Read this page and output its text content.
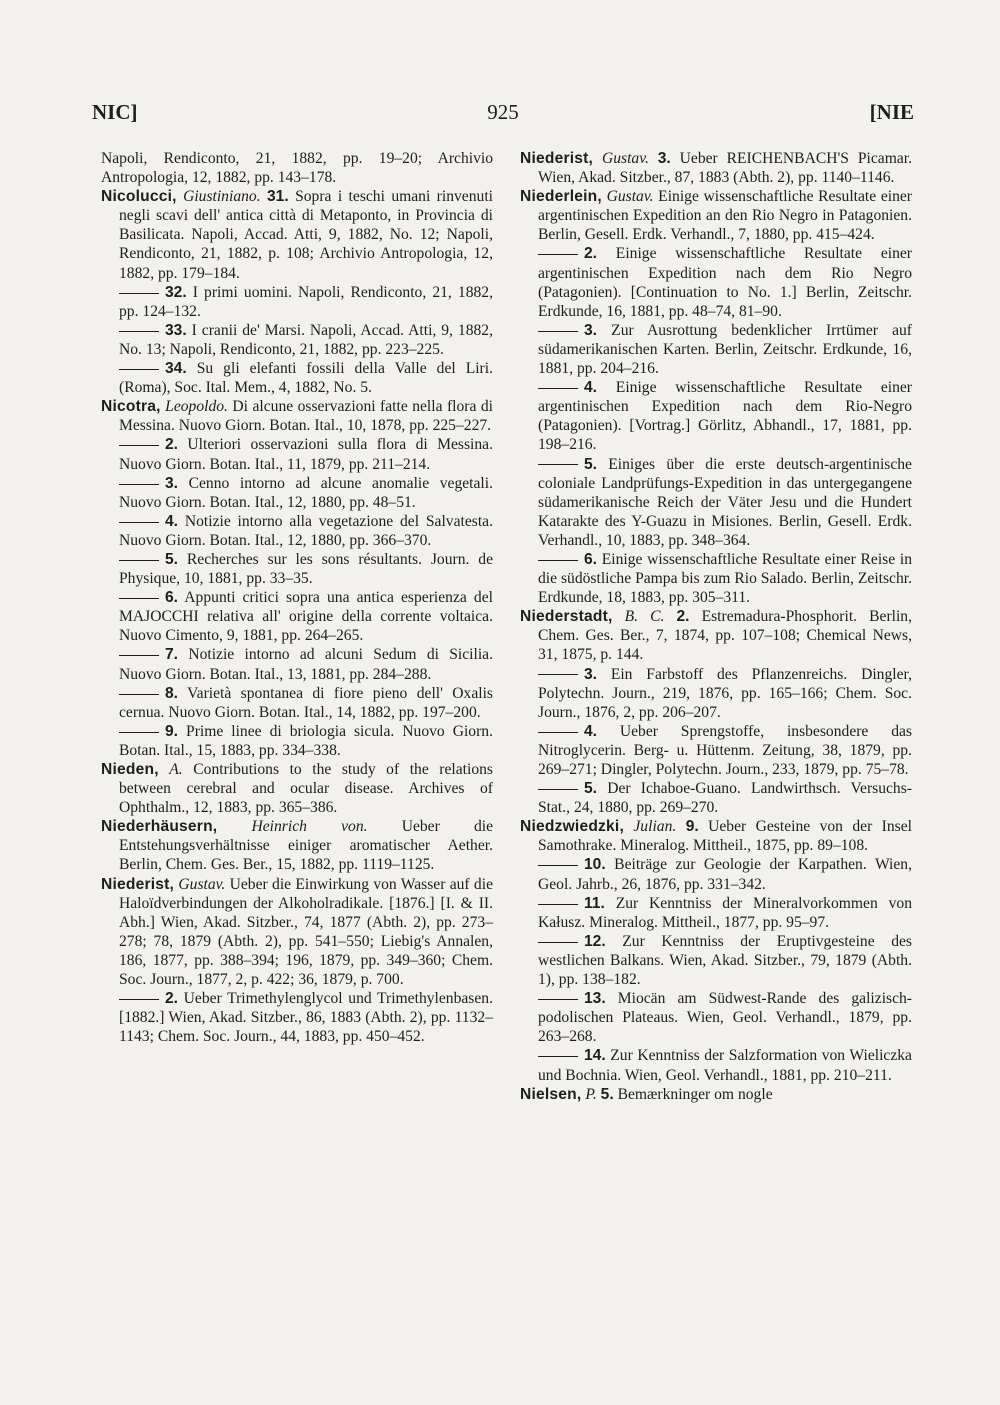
NIC]	925	[NIE

Napoli, Rendiconto, 21, 1882, pp. 19–20; Archivio Antropologia, 12, 1882, pp. 143–178.

Nicolucci, Giustiniano. 31. Sopra i teschi umani rinvenuti negli scavi dell' antica città di Metaponto, in Provincia di Basilicata. Napoli, Accad. Atti, 9, 1882, No. 12; Napoli, Rendiconto, 21, 1882, p. 108; Archivio Antropologia, 12, 1882, pp. 179–184.

32. I primi uomini. Napoli, Rendiconto, 21, 1882, pp. 124–132.

33. I cranii de' Marsi. Napoli, Accad. Atti, 9, 1882, No. 13; Napoli, Rendiconto, 21, 1882, pp. 223–225.

34. Su gli elefanti fossili della Valle del Liri. (Roma), Soc. Ital. Mem., 4, 1882, No. 5.

Nicotra, Leopoldo. Di alcune osservazioni fatte nella flora di Messina. Nuovo Giorn. Botan. Ital., 10, 1878, pp. 225–227.

2. Ulteriori osservazioni sulla flora di Messina. Nuovo Giorn. Botan. Ital., 11, 1879, pp. 211–214.

3. Cenno intorno ad alcune anomalie vegetali. Nuovo Giorn. Botan. Ital., 12, 1880, pp. 48–51.

4. Notizie intorno alla vegetazione del Salvatesta. Nuovo Giorn. Botan. Ital., 12, 1880, pp. 366–370.

5. Recherches sur les sons résultants. Journ. de Physique, 10, 1881, pp. 33–35.

6. Appunti critici sopra una antica esperienza del MAJOCCHI relativa all' origine della corrente voltaica. Nuovo Cimento, 9, 1881, pp. 264–265.

7. Notizie intorno ad alcuni Sedum di Sicilia. Nuovo Giorn. Botan. Ital., 13, 1881, pp. 284–288.

8. Varietà spontanea di fiore pieno dell' Oxalis cernua. Nuovo Giorn. Botan. Ital., 14, 1882, pp. 197–200.

9. Prime linee di briologia sicula. Nuovo Giorn. Botan. Ital., 15, 1883, pp. 334–338.

Nieden, A. Contributions to the study of the relations between cerebral and ocular disease. Archives of Ophthalm., 12, 1883, pp. 365–386.

Niederhäusern, Heinrich von. Ueber die Entstehungsverhältnisse einiger aromatischer Aether. Berlin, Chem. Ges. Ber., 15, 1882, pp. 1119–1125.

Niederist, Gustav. Ueber die Einwirkung von Wasser auf die Haloïdverbindungen der Alkoholradikale. [1876.] [I. & II. Abh.] Wien, Akad. Sitzber., 74, 1877 (Abth. 2), pp. 273–278; 78, 1879 (Abth. 2), pp. 541–550; Liebig's Annalen, 186, 1877, pp. 388–394; 196, 1879, pp. 349–360; Chem. Soc. Journ., 1877, 2, p. 422; 36, 1879, p. 700.

2. Ueber Trimethylenglycol und Trimethylenbasen. [1882.] Wien, Akad. Sitzber., 86, 1883 (Abth. 2), pp. 1132–1143; Chem. Soc. Journ., 44, 1883, pp. 450–452.

Niederist, Gustav. 3. Ueber REICHENBACH'S Picamar. Wien, Akad. Sitzber., 87, 1883 (Abth. 2), pp. 1140–1146.

Niederlein, Gustav. Einige wissenschaftliche Resultate einer argentinischen Expedition an den Rio Negro in Patagonien. Berlin, Gesell. Erdk. Verhandl., 7, 1880, pp. 415–424.

2. Einige wissenschaftliche Resultate einer argentinischen Expedition nach dem Rio Negro (Patagonien). [Continuation to No. 1.] Berlin, Zeitschr. Erdkunde, 16, 1881, pp. 48–74, 81–90.

3. Zur Ausrottung bedenklicher Irrtümer auf südamerikanischen Karten. Berlin, Zeitschr. Erdkunde, 16, 1881, pp. 204–216.

4. Einige wissenschaftliche Resultate einer argentinischen Expedition nach dem Rio-Negro (Patagonien). [Vortrag.] Görlitz, Abhandl., 17, 1881, pp. 198–216.

5. Einiges über die erste deutsch-argentinische coloniale Landprüfungs-Expedition in das untergegangene südamerikanische Reich der Väter Jesu und die Hundert Katarakte des Y-Guazu in Misiones. Berlin, Gesell. Erdk. Verhandl., 10, 1883, pp. 348–364.

6. Einige wissenschaftliche Resultate einer Reise in die südöstliche Pampa bis zum Rio Salado. Berlin, Zeitschr. Erdkunde, 18, 1883, pp. 305–311.

Niederstadt, B. C. 2. Estremadura-Phosphorit. Berlin, Chem. Ges. Ber., 7, 1874, pp. 107–108; Chemical News, 31, 1875, p. 144.

3. Ein Farbstoff des Pflanzenreichs. Dingler, Polytechn. Journ., 219, 1876, pp. 165–166; Chem. Soc. Journ., 1876, 2, pp. 206–207.

4. Ueber Sprengstoffe, insbesondere das Nitroglycerin. Berg- u. Hüttenm. Zeitung, 38, 1879, pp. 269–271; Dingler, Polytechn. Journ., 233, 1879, pp. 75–78.

5. Der Ichaboe-Guano. Landwirthsch. Versuchs-Stat., 24, 1880, pp. 269–270.

Niedzwiedzki, Julian. 9. Ueber Gesteine von der Insel Samothrake. Mineralog. Mittheil., 1875, pp. 89–108.

10. Beiträge zur Geologie der Karpathen. Wien, Geol. Jahrb., 26, 1876, pp. 331–342.

11. Zur Kenntniss der Mineralvorkommen von Kałusz. Mineralog. Mittheil., 1877, pp. 95–97.

12. Zur Kenntniss der Eruptivgesteine des westlichen Balkans. Wien, Akad. Sitzber., 79, 1879 (Abth. 1), pp. 138–182.

13. Miocän am Südwest-Rande des galizisch-podolischen Plateaus. Wien, Geol. Verhandl., 1879, pp. 263–268.

14. Zur Kenntniss der Salzformation von Wieliczka und Bochnia. Wien, Geol. Verhandl., 1881, pp. 210–211.

Nielsen, P. 5. Bemærkninger om nogle
